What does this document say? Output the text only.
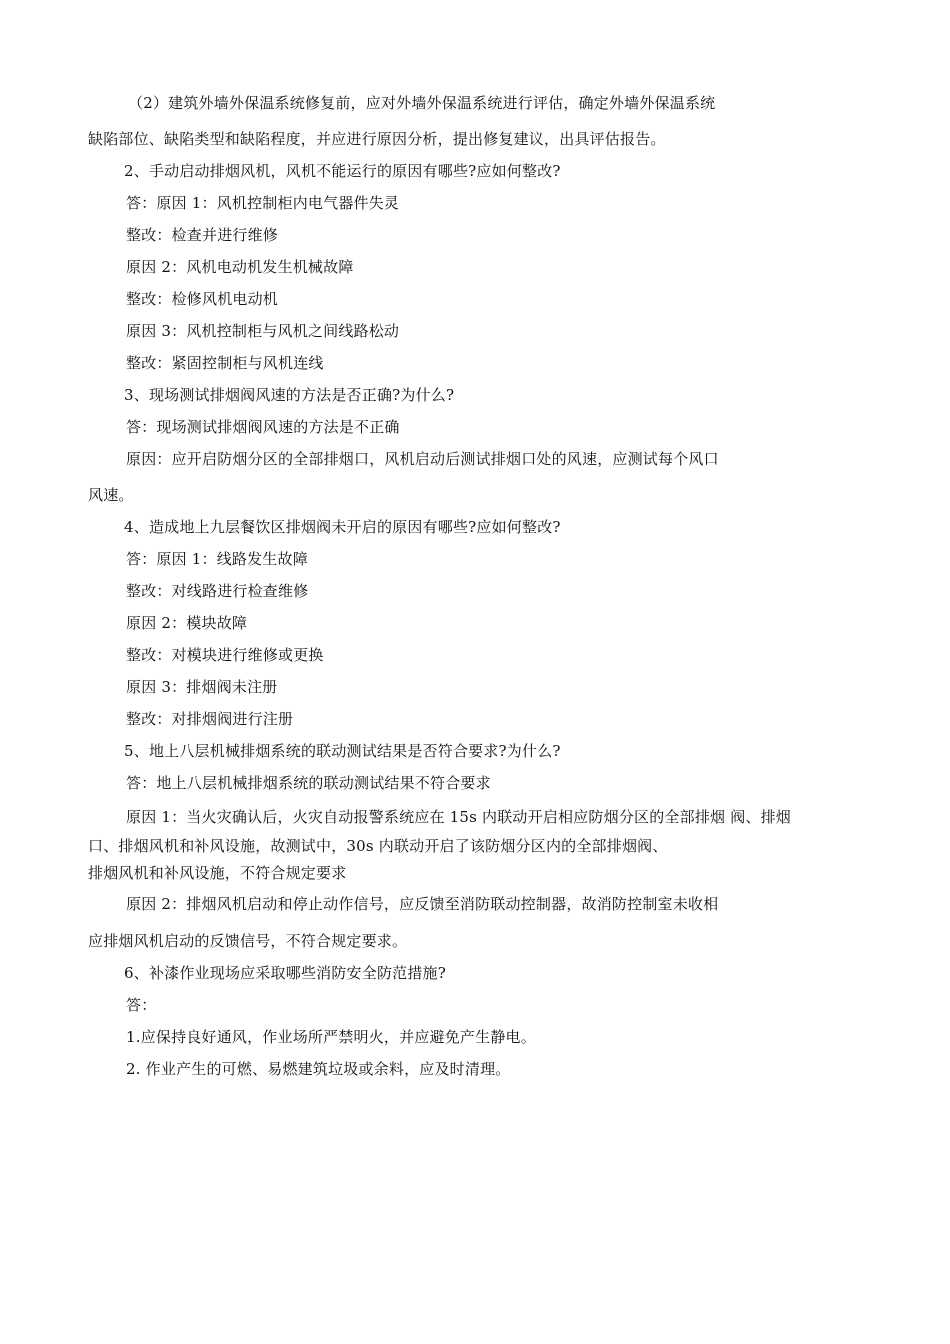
（2）建筑外墙外保温系统修复前，应对外墙外保温系统进行评估，确定外墙外保温系统
缺陷部位、缺陷类型和缺陷程度，并应进行原因分析，提出修复建议，出具评估报告。
2、手动启动排烟风机，风机不能运行的原因有哪些?应如何整改?
答：原因 1：风机控制柜内电气器件失灵
整改：检查并进行维修
原因 2：风机电动机发生机械故障
整改：检修风机电动机
原因 3：风机控制柜与风机之间线路松动
整改：紧固控制柜与风机连线
3、现场测试排烟阀风速的方法是否正确?为什么?
答：现场测试排烟阀风速的方法是不正确
原因：应开启防烟分区的全部排烟口，风机启动后测试排烟口处的风速，应测试每个风口
风速。
4、造成地上九层餐饮区排烟阀未开启的原因有哪些?应如何整改?
答：原因 1：线路发生故障
整改：对线路进行检查维修
原因 2：模块故障
整改：对模块进行维修或更换
原因 3：排烟阀未注册
整改：对排烟阀进行注册
5、地上八层机械排烟系统的联动测试结果是否符合要求?为什么?
答：地上八层机械排烟系统的联动测试结果不符合要求
原因 1：当火灾确认后，火灾自动报警系统应在 15s 内联动开启相应防烟分区的全部排烟 阀、排烟
口、排烟风机和补风设施，故测试中，30s 内联动开启了该防烟分区内的全部排烟阀、
排烟风机和补风设施，不符合规定要求
原因 2：排烟风机启动和停止动作信号，应反馈至消防联动控制器，故消防控制室未收相
应排烟风机启动的反馈信号，不符合规定要求。
6、补漆作业现场应采取哪些消防安全防范措施?
答：
1.应保持良好通风，作业场所严禁明火，并应避免产生静电。
2. 作业产生的可燃、易燃建筑垃圾或余料，应及时清理。
